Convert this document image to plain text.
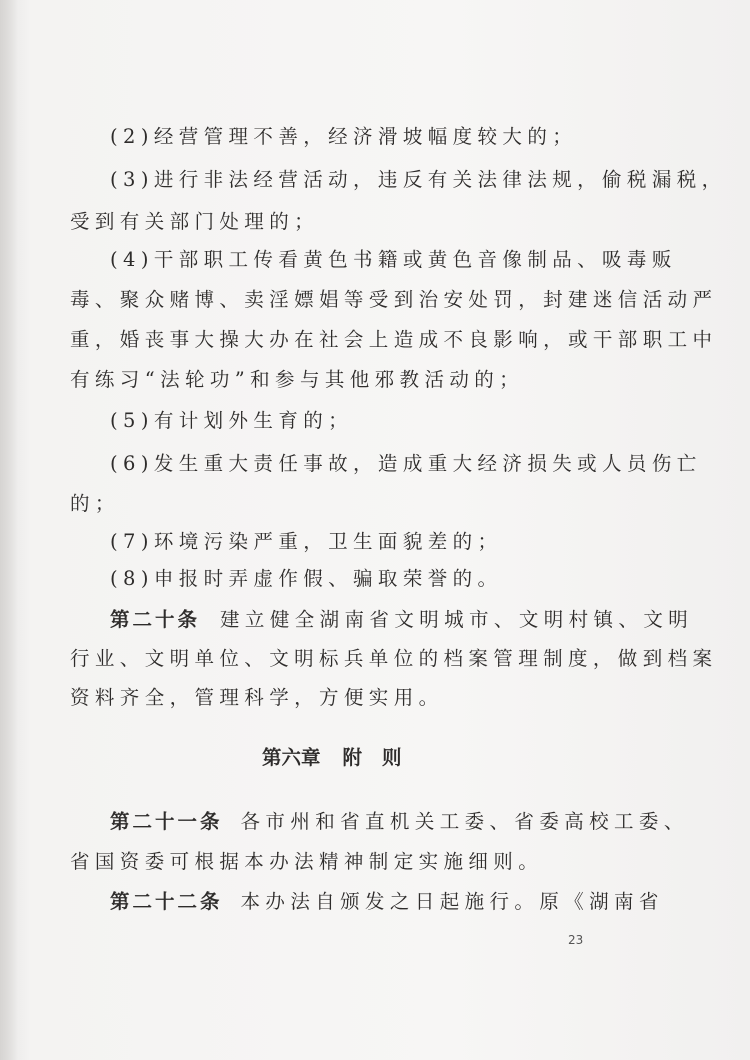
(2)经营管理不善，经济滑坡幅度较大的；
(3)进行非法经营活动，违反有关法律法规，偷税漏税，
受到有关部门处理的；
(4)干部职工传看黄色书籍或黄色音像制品、吸毒贩
毒、聚众赌博、卖淫嫖娼等受到治安处罚，封建迷信活动严
重，婚丧事大操大办在社会上造成不良影响，或干部职工中
有练习“法轮功”和参与其他邪教活动的；
(5)有计划外生育的；
(6)发生重大责任事故，造成重大经济损失或人员伤亡
的；
(7)环境污染严重，卫生面貌差的；
(8)申报时弄虚作假、骗取荣誉的。
第二十条 建立健全湖南省文明城市、文明村镇、文明
行业、文明单位、文明标兵单位的档案管理制度，做到档案
资料齐全，管理科学，方便实用。
第六章 附 则
第二十一条 各市州和省直机关工委、省委高校工委、
省国资委可根据本办法精神制定实施细则。
第二十二条 本办法自颁发之日起施行。原《湖南省
23
